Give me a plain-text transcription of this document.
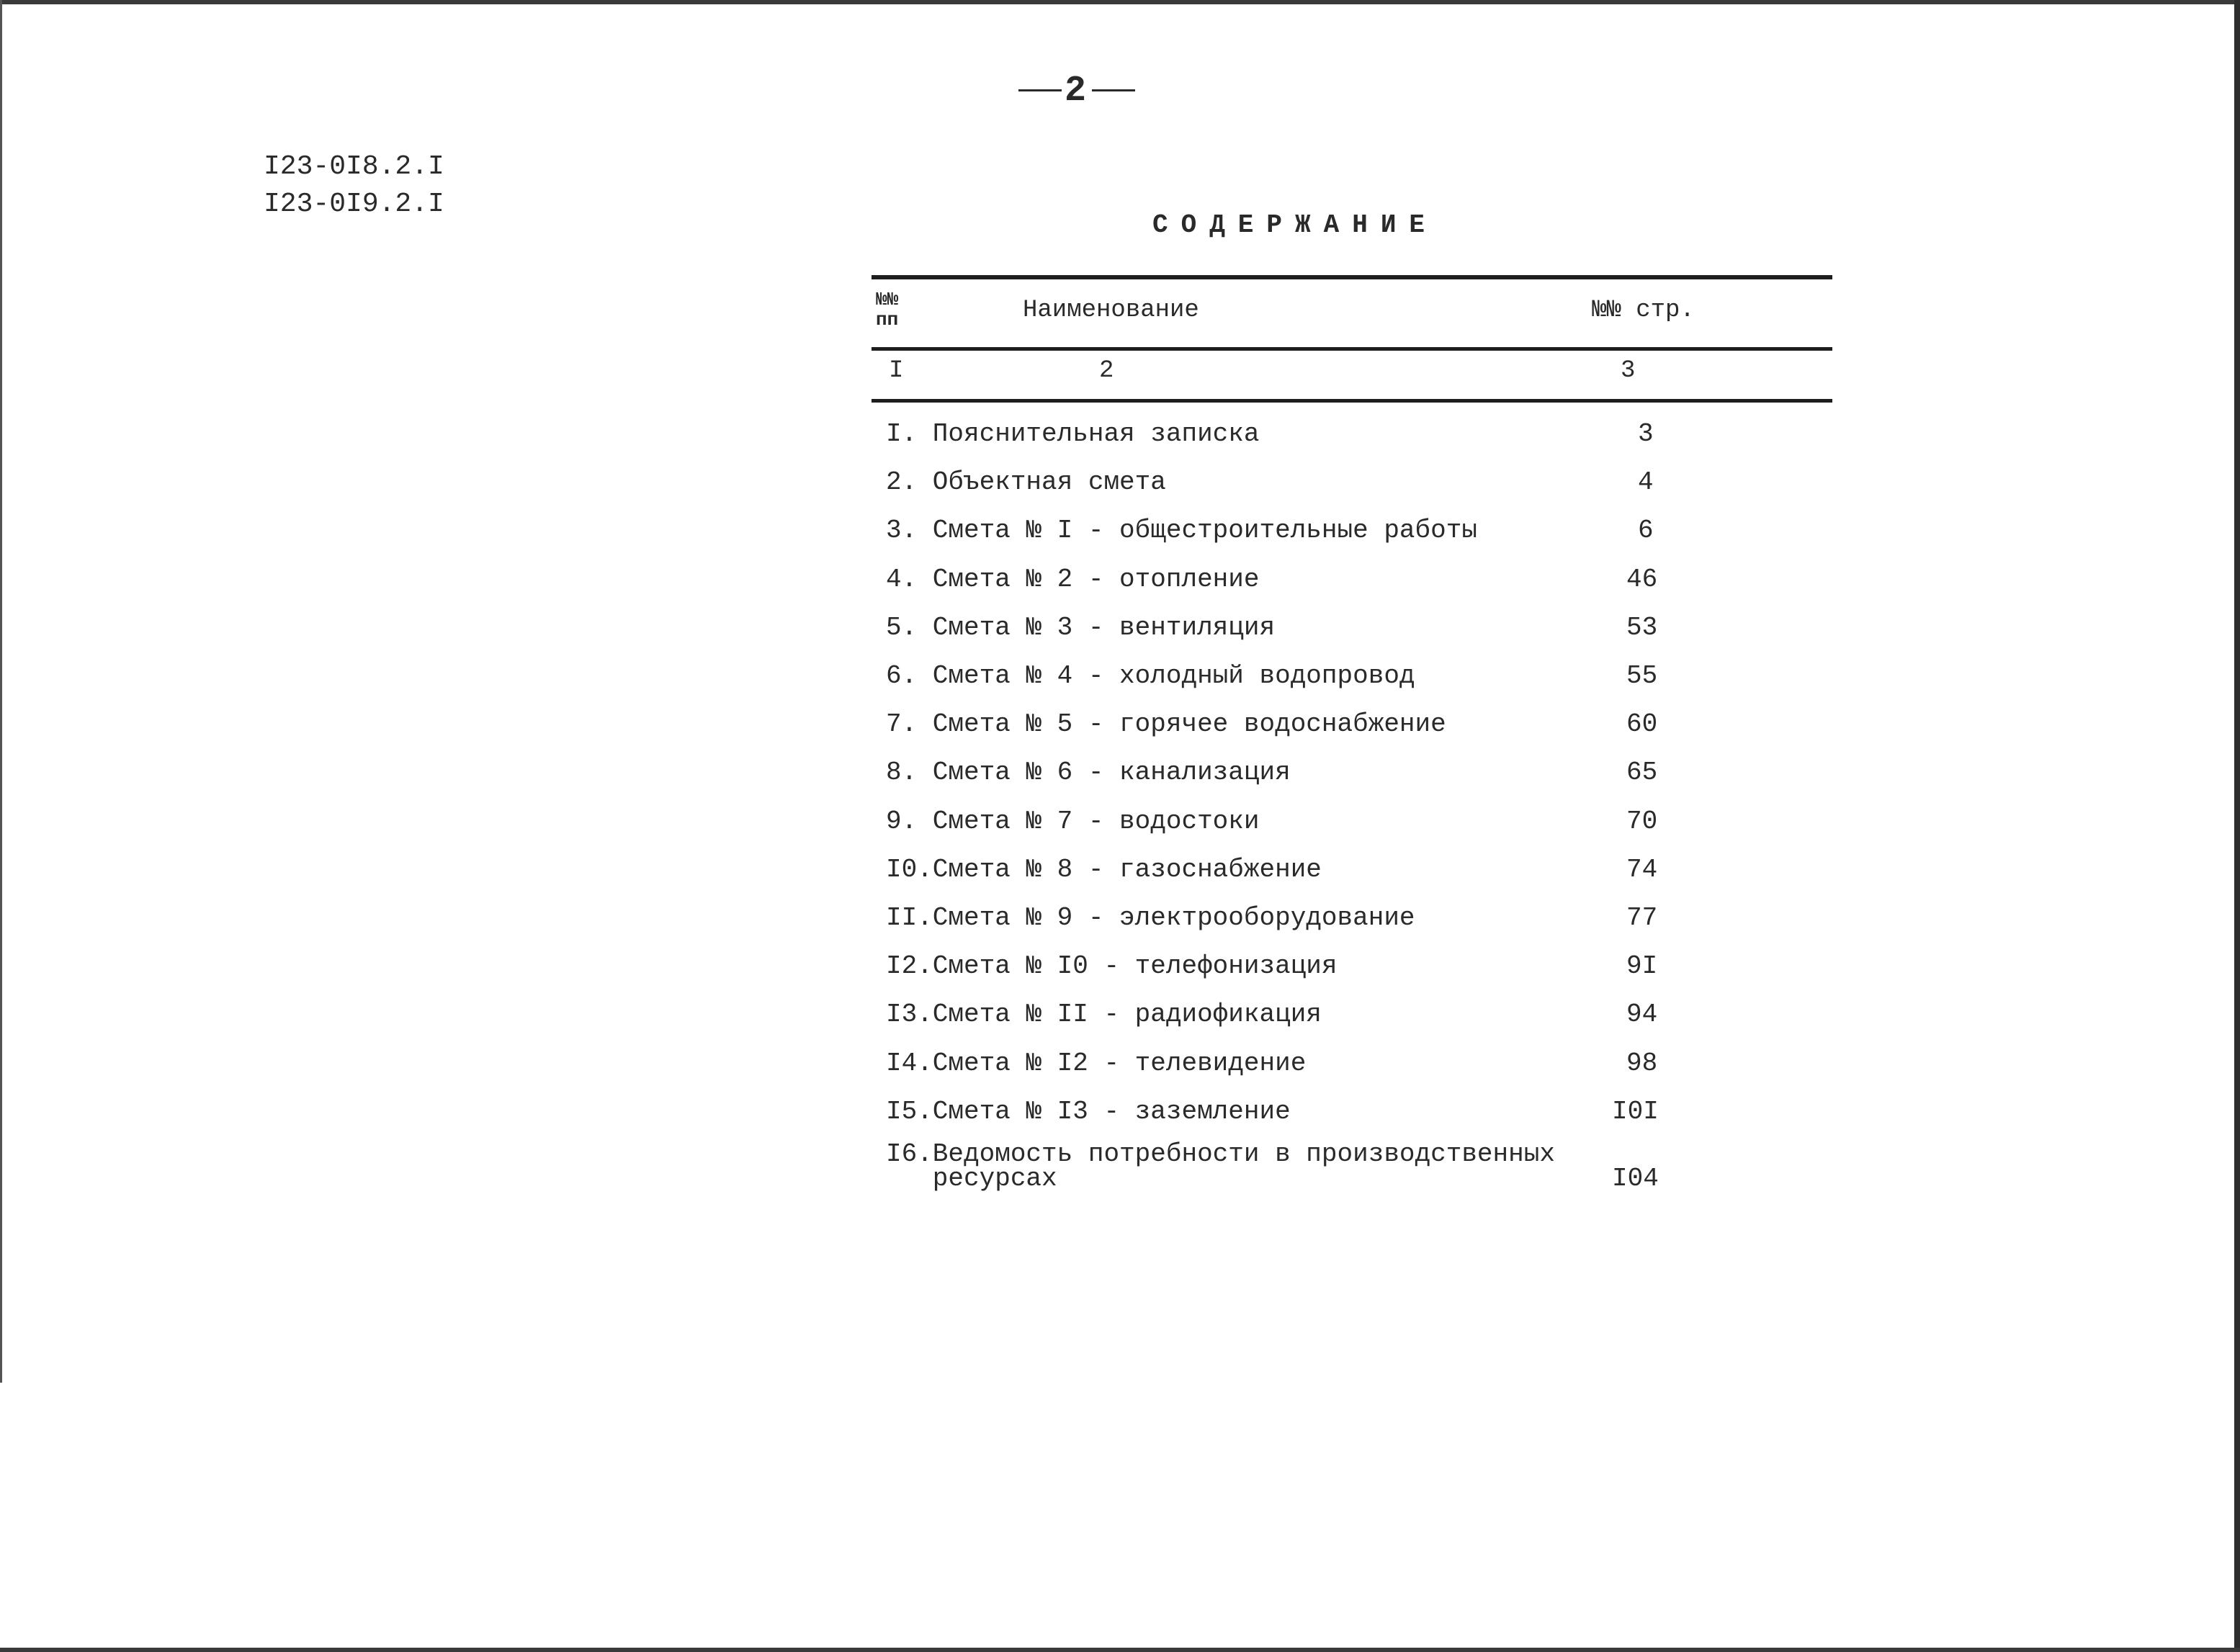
2
I23-0I8.2.I
I23-0I9.2.I
СОДЕРЖАНИЕ
№№
пп	Наименование	№№ стр.
I	2	3
I. Пояснительная записка	3
2. Объектная смета	4
3. Смета № I - общестроительные работы	6
4. Смета № 2 - отопление	46
5. Смета № 3 - вентиляция	53
6. Смета № 4 - холодный водопровод	55
7. Смета № 5 - горячее водоснабжение	60
8. Смета № 6 - канализация	65
9. Смета № 7 - водостоки	70
I0.Смета № 8 - газоснабжение	74
II.Смета № 9 - электрооборудование	77
I2.Смета № I0 - телефонизация	9I
I3.Смета № II - радиофикация	94
I4.Смета № I2 - телевидение	98
I5.Смета № I3 - заземление	I0I
I6.Ведомость потребности в производственных
ресурсах	I04
